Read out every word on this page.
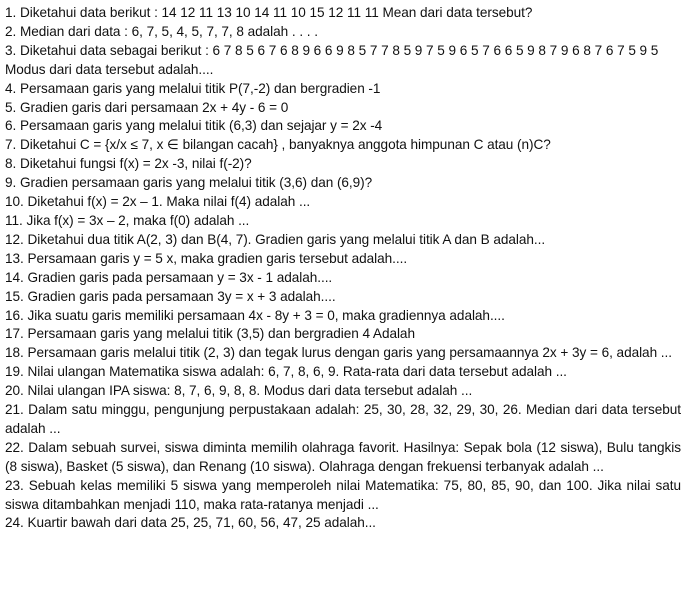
1. Diketahui data berikut : 14 12 11 13 10 14 11 10 15 12 11 11 Mean dari data tersebut?

2. Median dari data : 6, 7, 5, 4, 5, 7, 7, 8 adalah . . . .

3. Diketahui data sebagai berikut : 6 7 8 5 6 7 6 8 9 6 6 9 8 5 7 7 8 5 9 7 5 9 6 5 7 6 6 5 9 8 7 9 6 8 7 6 7 5 9 5 Modus dari data tersebut adalah....

4. Persamaan garis yang melalui titik P(7,-2) dan bergradien -1

5. Gradien garis dari persamaan 2x + 4y - 6 = 0

6. Persamaan garis yang melalui titik (6,3) dan sejajar y = 2x -4

7. Diketahui C = {x/x ≤ 7, x ∈ bilangan cacah} , banyaknya anggota himpunan C atau (n)C?

8. Diketahui fungsi f(x) = 2x -3, nilai f(-2)?

9. Gradien persamaan garis yang melalui titik (3,6) dan (6,9)?

10. Diketahui f(x) = 2x – 1. Maka nilai f(4) adalah ...

11. Jika f(x) = 3x – 2, maka f(0) adalah ...

12. Diketahui dua titik A(2, 3) dan B(4, 7). Gradien garis yang melalui titik A dan B adalah...

13. Persamaan garis y = 5 x, maka gradien garis tersebut adalah....

14. Gradien garis pada persamaan y = 3x - 1 adalah....

15. Gradien garis pada persamaan 3y = x + 3 adalah....

16. Jika suatu garis memiliki persamaan 4x - 8y + 3 = 0, maka gradiennya adalah....

17. Persamaan garis yang melalui titik (3,5) dan bergradien 4 Adalah

18. Persamaan garis melalui titik (2, 3) dan tegak lurus dengan garis yang persamaannya 2x + 3y = 6, adalah ...

19. Nilai ulangan Matematika siswa adalah: 6, 7, 8, 6, 9. Rata-rata dari data tersebut adalah ...

20. Nilai ulangan IPA siswa: 8, 7, 6, 9, 8, 8. Modus dari data tersebut adalah ...

21. Dalam satu minggu, pengunjung perpustakaan adalah: 25, 30, 28, 32, 29, 30, 26. Median dari data tersebut adalah ...

22. Dalam sebuah survei, siswa diminta memilih olahraga favorit. Hasilnya: Sepak bola (12 siswa), Bulu tangkis (8 siswa), Basket (5 siswa), dan Renang (10 siswa). Olahraga dengan frekuensi terbanyak adalah ...

23. Sebuah kelas memiliki 5 siswa yang memperoleh nilai Matematika: 75, 80, 85, 90, dan 100. Jika nilai satu siswa ditambahkan menjadi 110, maka rata-ratanya menjadi ...

24. Kuartir bawah dari data 25, 25, 71, 60, 56, 47, 25 adalah...
